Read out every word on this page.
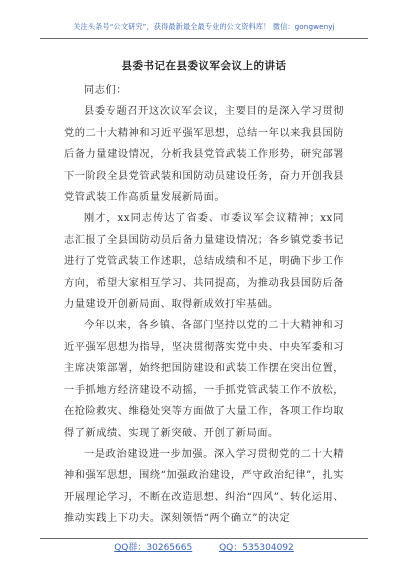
关注头条号“公文研究”，获得最新最全最专业的公文资料库！ 微信：gongwenyj
县委书记在县委议军会议上的讲话

同志们：

县委专题召开这次议军会议，主要目的是深入学习贯彻党的二十大精神和习近平强军思想，总结一年以来我县国防后备力量建设情况，分析我县党管武装工作形势，研究部署下一阶段全县党管武装和国防动员建设任务，奋力开创我县党管武装工作高质量发展新局面。

刚才，xx同志传达了省委、市委议军会议精神；xx同志汇报了全县国防动员后备力量建设情况；各乡镇党委书记进行了党管武装工作述职，总结成绩和不足，明确下步工作方向，希望大家相互学习、共同提高，为推动我县国防后备力量建设开创新局面、取得新成效打牢基础。

今年以来，各乡镇、各部门坚持以党的二十大精神和习近平强军思想为指导，坚决贯彻落实党中央、中央军委和习主席决策部署，始终把国防建设和武装工作摆在突出位置，一手抓地方经济建设不动摇，一手抓党管武装工作不放松，在抢险救灾、维稳处突等方面做了大量工作，各项工作均取得了新成绩、实现了新突破、开创了新局面。

一是政治建设进一步加强。深入学习贯彻党的二十大精神和强军思想，围绕“加强政治建设，严守政治纪律”，扎实开展理论学习，不断在改造思想、纠治“四风”、转化运用、推动实践上下功夫。深刻领悟“两个确立”的决定

QQ群：30265665	QQ：535304092
